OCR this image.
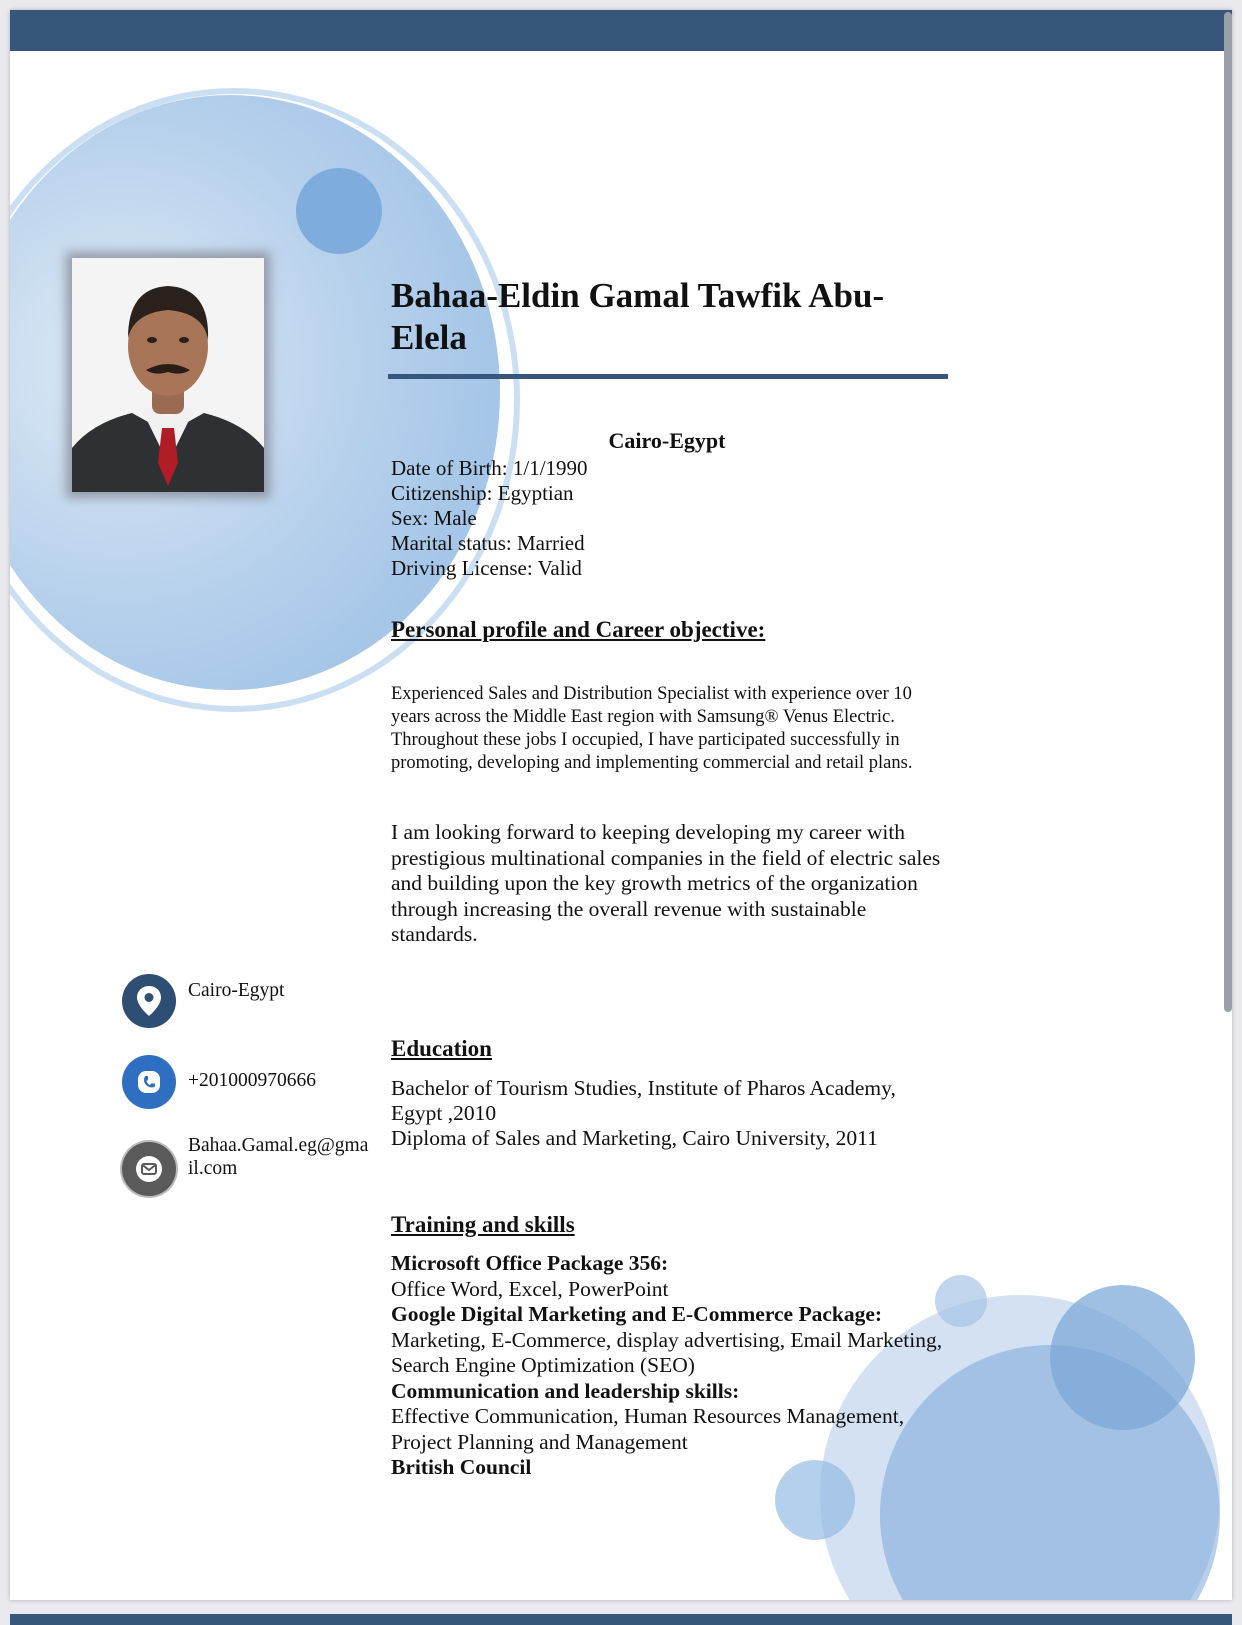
Bahaa-Eldin Gamal Tawfik Abu-Elela
Cairo-Egypt
Date of Birth: 1/1/1990
Citizenship: Egyptian
Sex: Male
Marital status: Married
Driving License: Valid
Personal profile and Career objective:

Experienced Sales and Distribution Specialist with experience over 10 years across the Middle East region with Samsung® Venus Electric. Throughout these jobs I occupied, I have participated successfully in promoting, developing and implementing commercial and retail plans.

I am looking forward to keeping developing my career with prestigious multinational companies in the field of electric sales and building upon the key growth metrics of the organization through increasing the overall revenue with sustainable standards.

Cairo-Egypt
+201000970666
Bahaa.Gamal.eg@gmail.com
Education
Bachelor of Tourism Studies, Institute of Pharos Academy, Egypt ,2010
Diploma of Sales and Marketing, Cairo University, 2011
Training and skills
Microsoft Office Package 356:
Office Word, Excel, PowerPoint
Google Digital Marketing and E-Commerce Package:
Marketing, E-Commerce, display advertising, Email Marketing, Search Engine Optimization (SEO)
Communication and leadership skills:
Effective Communication, Human Resources Management, Project Planning and Management
British Council
